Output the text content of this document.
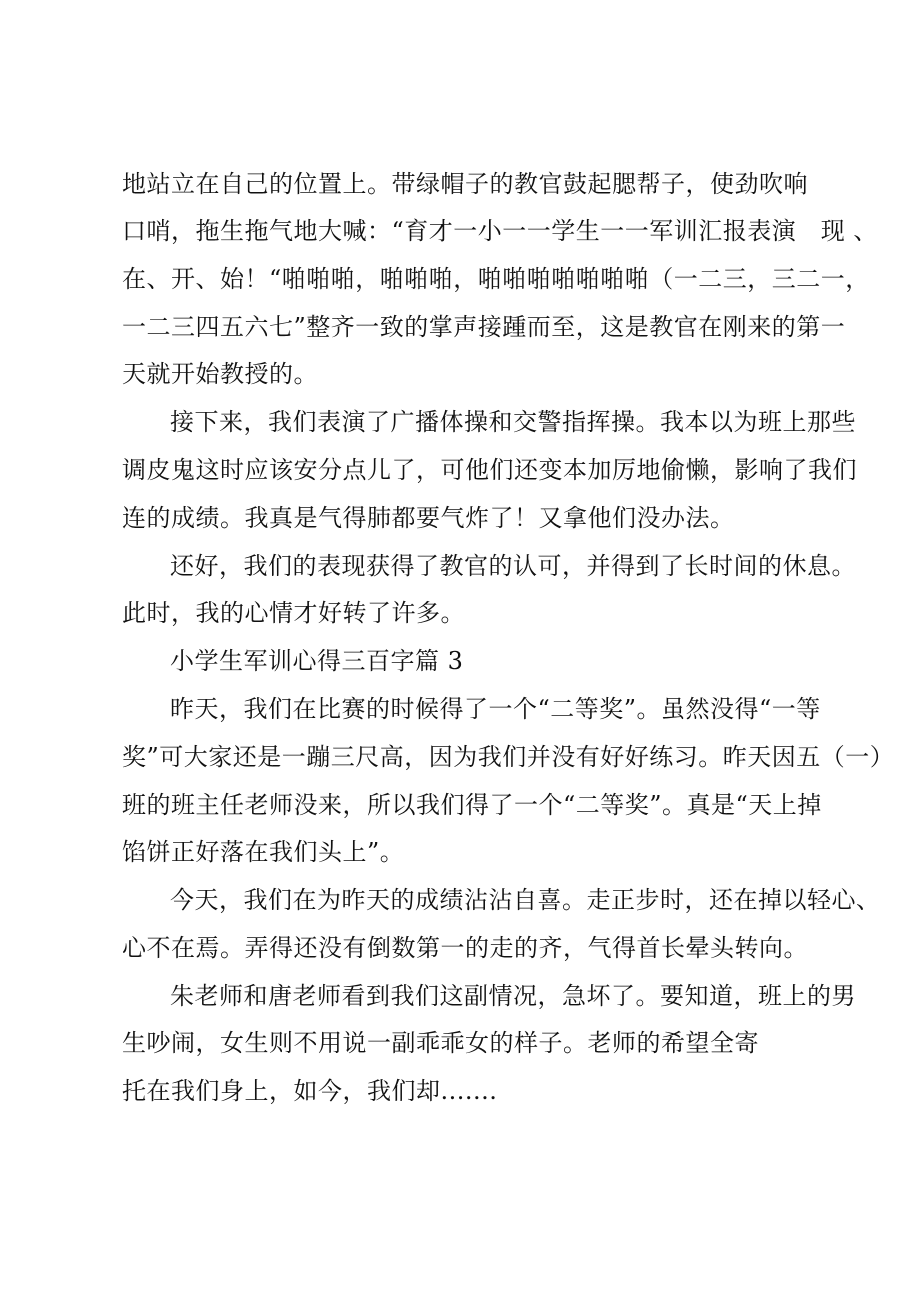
地站立在自己的位置上。带绿帽子的教官鼓起腮帮子，使劲吹响
口哨，拖生拖气地大喊：“育才一小一一学生一一军训汇报表演　现 、
在、开、始！“啪啪啪，啪啪啪，啪啪啪啪啪啪啪（一二三，三二一，
一二三四五六七”整齐一致的掌声接踵而至，这是教官在刚来的第一
天就开始教授的。
接下来，我们表演了广播体操和交警指挥操。我本以为班上那些
调皮鬼这时应该安分点儿了，可他们还变本加厉地偷懒，影响了我们
连的成绩。我真是气得肺都要气炸了！又拿他们没办法。
还好，我们的表现获得了教官的认可，并得到了长时间的休息。
此时，我的心情才好转了许多。
小学生军训心得三百字篇 3
昨天，我们在比赛的时候得了一个“二等奖”。虽然没得“一等
奖”可大家还是一蹦三尺高，因为我们并没有好好练习。昨天因五（一）
班的班主任老师没来，所以我们得了一个“二等奖”。真是“天上掉
馅饼正好落在我们头上”。
今天，我们在为昨天的成绩沾沾自喜。走正步时，还在掉以轻心、
心不在焉。弄得还没有倒数第一的走的齐，气得首长晕头转向。
朱老师和唐老师看到我们这副情况，急坏了。要知道，班上的男
生吵闹，女生则不用说一副乖乖女的样子。老师的希望全寄
托在我们身上，如今，我们却.......
